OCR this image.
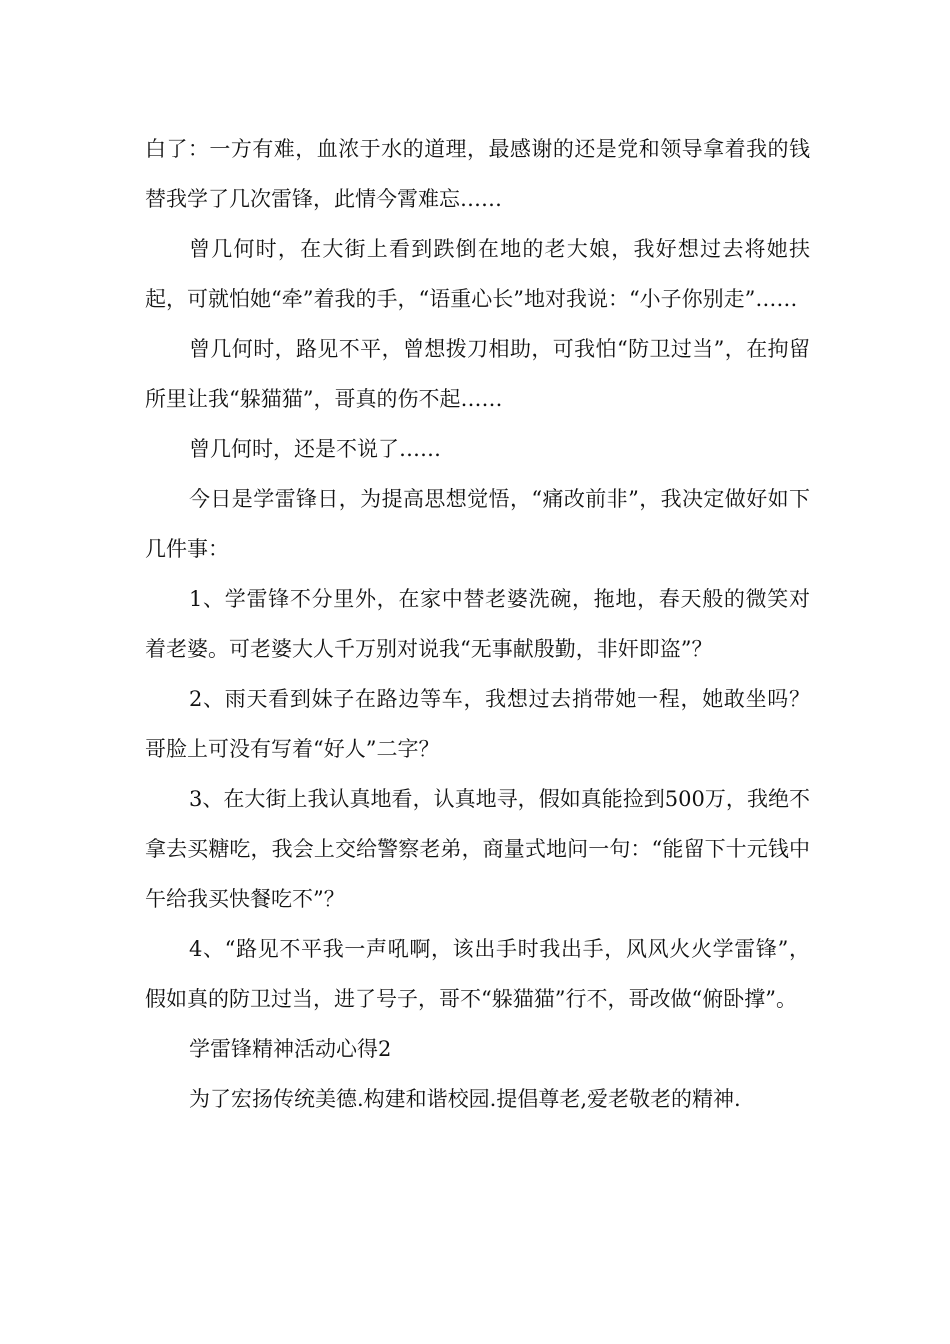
白了：一方有难，血浓于水的道理，最感谢的还是党和领导拿着我的钱替我学了几次雷锋，此情今霄难忘……

曾几何时，在大街上看到跌倒在地的老大娘，我好想过去将她扶起，可就怕她“牵”着我的手，“语重心长”地对我说：“小子你别走”……

曾几何时，路见不平，曾想拨刀相助，可我怕“防卫过当”，在拘留所里让我“躲猫猫”，哥真的伤不起……

曾几何时，还是不说了……

今日是学雷锋日，为提高思想觉悟，“痛改前非”，我决定做好如下几件事：

1、学雷锋不分里外，在家中替老婆洗碗，拖地，春天般的微笑对着老婆。可老婆大人千万别对说我“无事献殷勤，非奸即盗”？

2、雨天看到妹子在路边等车，我想过去捎带她一程，她敢坐吗？哥脸上可没有写着“好人”二字？

3、在大街上我认真地看，认真地寻，假如真能捡到500万，我绝不拿去买糖吃，我会上交给警察老弟，商量式地问一句：“能留下十元钱中午给我买快餐吃不”？

4、“路见不平我一声吼啊，该出手时我出手，风风火火学雷锋”，假如真的防卫过当，进了号子，哥不“躲猫猫”行不，哥改做“俯卧撑”。

学雷锋精神活动心得2

为了宏扬传统美德.构建和谐校园.提倡尊老,爱老敬老的精神.
